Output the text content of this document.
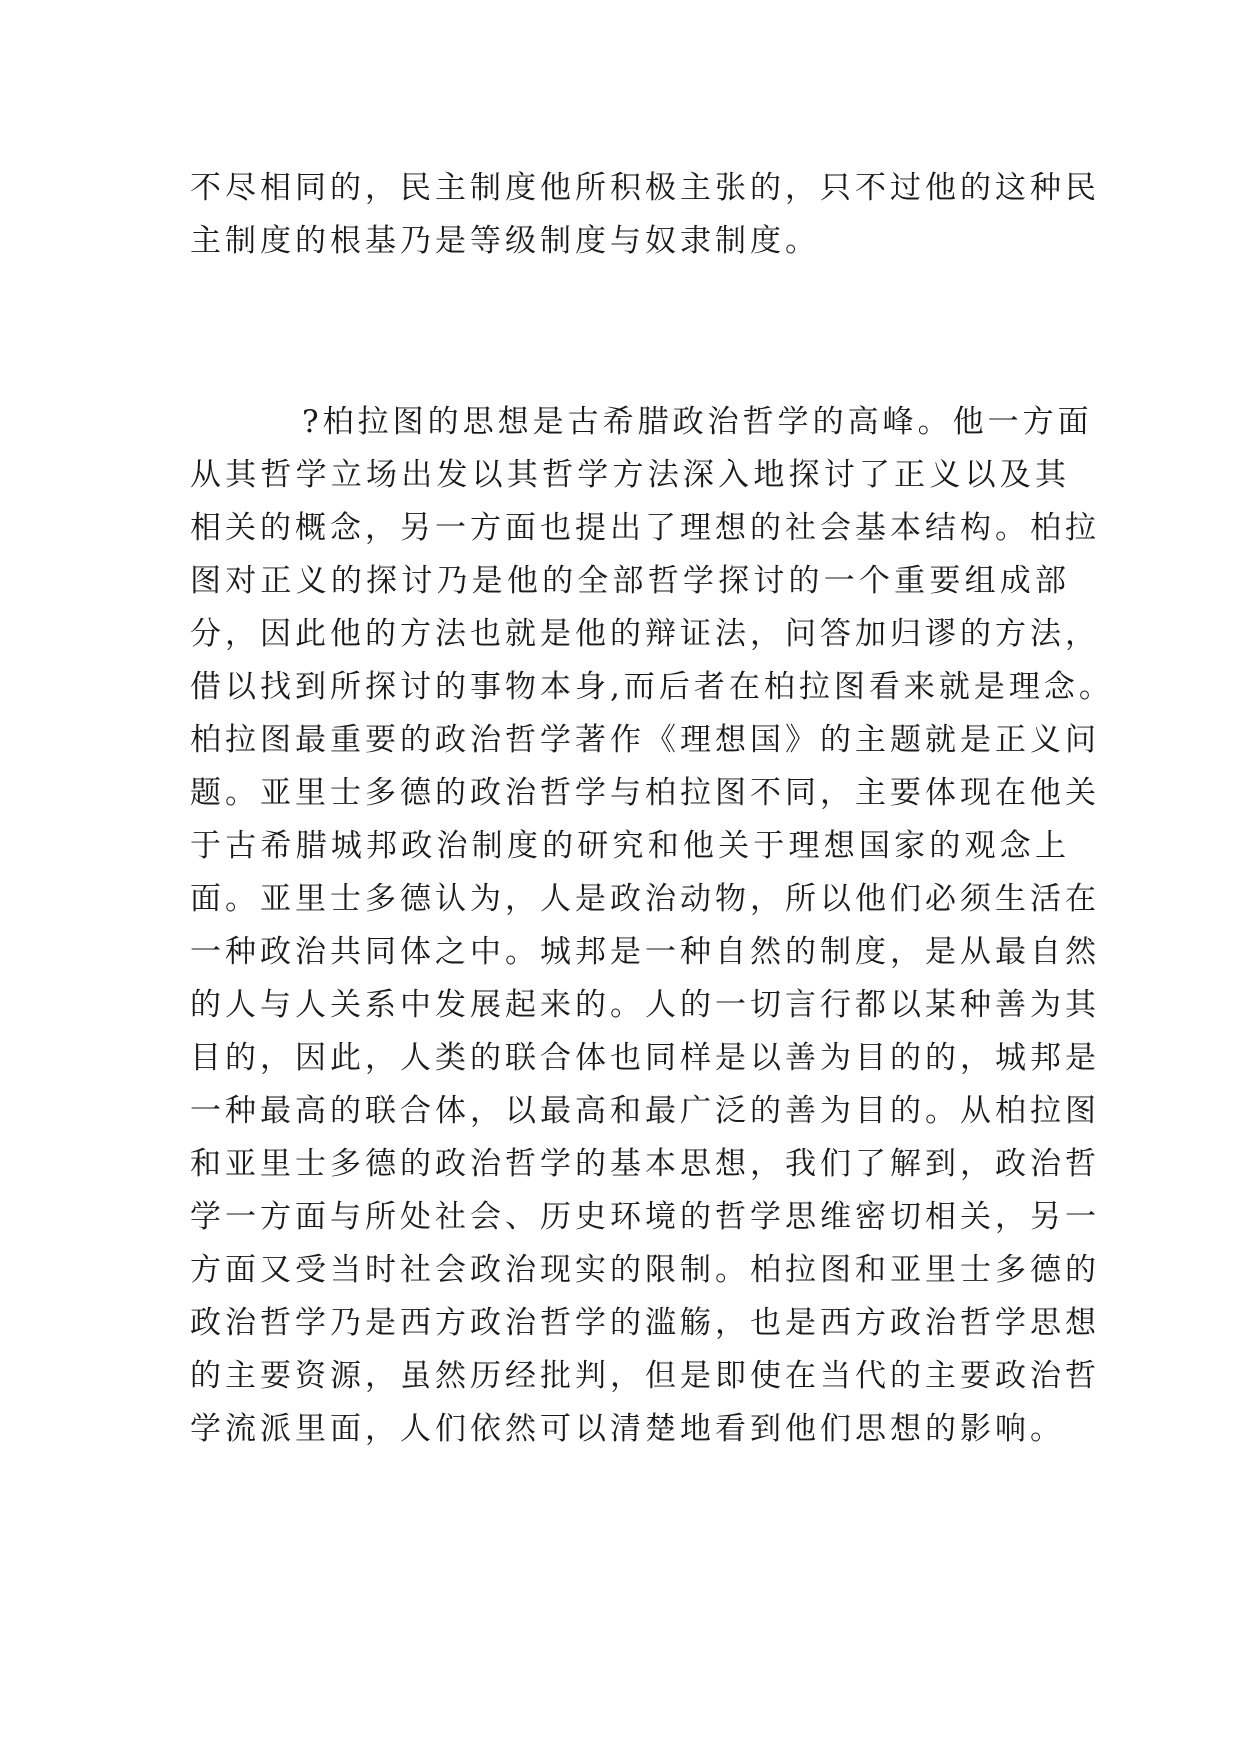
不尽相同的，民主制度他所积极主张的，只不过他的这种民
主制度的根基乃是等级制度与奴隶制度。
?柏拉图的思想是古希腊政治哲学的高峰。他一方面
从其哲学立场出发以其哲学方法深入地探讨了正义以及其
相关的概念，另一方面也提出了理想的社会基本结构。柏拉
图对正义的探讨乃是他的全部哲学探讨的一个重要组成部
分，因此他的方法也就是他的辩证法，问答加归谬的方法，
借以找到所探讨的事物本身,而后者在柏拉图看来就是理念。
柏拉图最重要的政治哲学著作《理想国》的主题就是正义问
题。亚里士多德的政治哲学与柏拉图不同，主要体现在他关
于古希腊城邦政治制度的研究和他关于理想国家的观念上
面。亚里士多德认为，人是政治动物，所以他们必须生活在
一种政治共同体之中。城邦是一种自然的制度，是从最自然
的人与人关系中发展起来的。人的一切言行都以某种善为其
目的，因此，人类的联合体也同样是以善为目的的，城邦是
一种最高的联合体，以最高和最广泛的善为目的。从柏拉图
和亚里士多德的政治哲学的基本思想，我们了解到，政治哲
学一方面与所处社会、历史环境的哲学思维密切相关，另一
方面又受当时社会政治现实的限制。柏拉图和亚里士多德的
政治哲学乃是西方政治哲学的滥觞，也是西方政治哲学思想
的主要资源，虽然历经批判，但是即使在当代的主要政治哲
学流派里面，人们依然可以清楚地看到他们思想的影响。
